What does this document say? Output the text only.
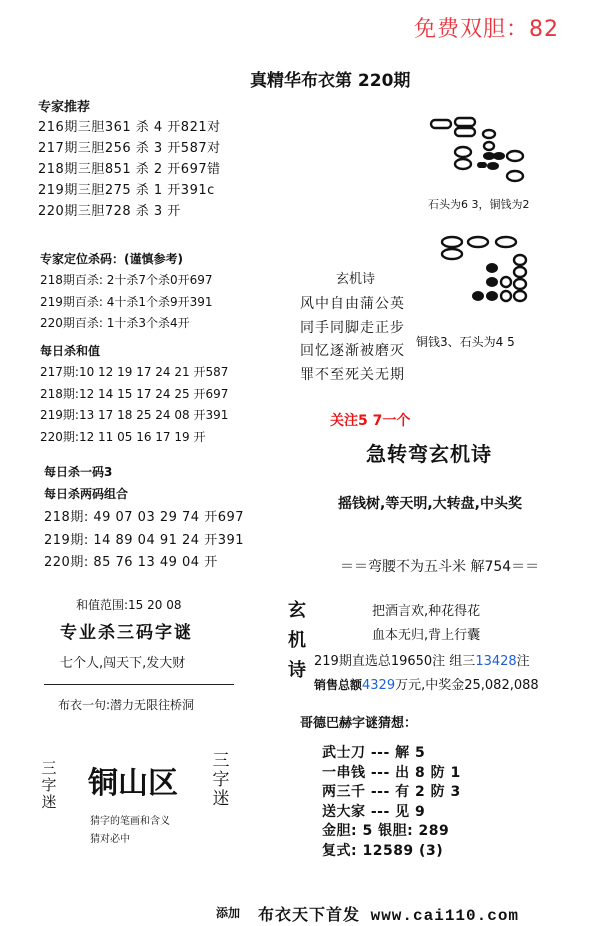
免费双胆：82
真精华布衣第 220期
专家推荐
216期三胆361 杀 4 开821对
217期三胆256 杀 3 开587对
218期三胆851 杀 2 开697错
219期三胆275 杀 1 开391c
220期三胆728 杀 3 开
专家定位杀码：(谨慎参考)
218期百杀: 2十杀7个杀0开697
219期百杀: 4十杀1个杀9开391
220期百杀: 1十杀3个杀4开
每日杀和值
217期:10 12 19 17 24 21 开587
218期:12 14 15 17 24 25 开697
219期:13 17 18 25 24 08 开391
220期:12 11 05 16 17 19 开
每日杀一码3
每日杀两码组合
218期: 49 07 03 29 74 开697
219期: 14 89 04 91 24 开391
220期: 85 76 13 49 04 开
和值范围:15 20 08
专业杀三码字谜
七个人,闯天下,发大财
布衣一句:潜力无限往桥洞
三字迷
铜山区
三字迷
猜字的笔画和含义
猜对必中
石头为6 3，铜钱为2
铜钱3、石头为4 5
玄机诗
风中自由蒲公英
同手同脚走正步
回忆逐渐被磨灭
罪不至死关无期
关注5 7一个
急转弯玄机诗
摇钱树,等天明,大转盘,中头奖
＝＝弯腰不为五斗米 解754＝＝
玄机诗
把酒言欢,种花得花
血本无归,背上行囊
219期直选总19650注 组三13428注
销售总额4329万元,中奖金25,082,088
哥德巴赫字谜猜想：
武士刀 --- 解 5
一串钱 --- 出 8 防 1
两三千 --- 有 2 防 3
送大家 --- 见 9
金胆: 5 银胆: 289
复式: 12589 (3)
添加 布衣天下首发 www.cai110.com
